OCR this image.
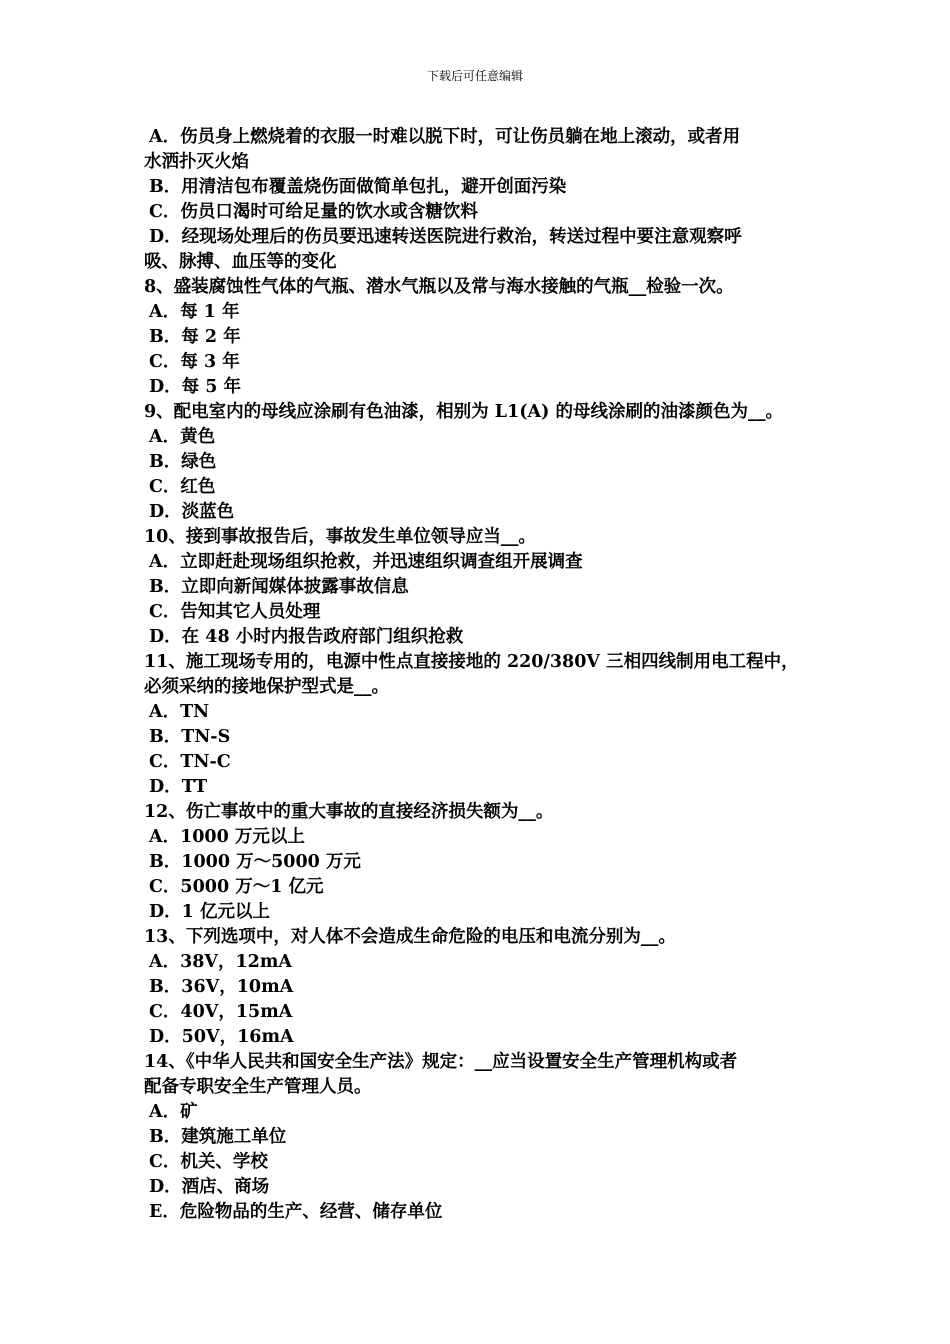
下载后可任意编辑
A．伤员身上燃烧着的衣服一时难以脱下时，可让伤员躺在地上滚动，或者用
水洒扑灭火焰
B．用清洁包布覆盖烧伤面做简单包扎，避开创面污染
C．伤员口渴时可给足量的饮水或含糖饮料
D．经现场处理后的伤员要迅速转送医院进行救治，转送过程中要注意观察呼
吸、脉搏、血压等的变化
8、盛装腐蚀性气体的气瓶、潜水气瓶以及常与海水接触的气瓶__检验一次。
A．每 1 年
B．每 2 年
C．每 3 年
D．每 5 年
9、配电室内的母线应涂刷有色油漆，相别为 L1(A) 的母线涂刷的油漆颜色为__。
A．黄色
B．绿色
C．红色
D．淡蓝色
10、接到事故报告后，事故发生单位领导应当__。
A．立即赶赴现场组织抢救，并迅速组织调查组开展调查
B．立即向新闻媒体披露事故信息
C．告知其它人员处理
D．在 48 小时内报告政府部门组织抢救
11、施工现场专用的，电源中性点直接接地的 220/380V 三相四线制用电工程中，
必须采纳的接地保护型式是__。
A．TN
B．TN-S
C．TN-C
D．TT
12、伤亡事故中的重大事故的直接经济损失额为__。
A．1000 万元以上
B．1000 万～5000 万元
C．5000 万～1 亿元
D．1 亿元以上
13、下列选项中，对人体不会造成生命危险的电压和电流分别为__。
A．38V，12mA
B．36V，10mA
C．40V，15mA
D．50V，16mA
14、《中华人民共和国安全生产法》规定：__应当设置安全生产管理机构或者
配备专职安全生产管理人员。
A．矿
B．建筑施工单位
C．机关、学校
D．酒店、商场
E．危险物品的生产、经营、储存单位
